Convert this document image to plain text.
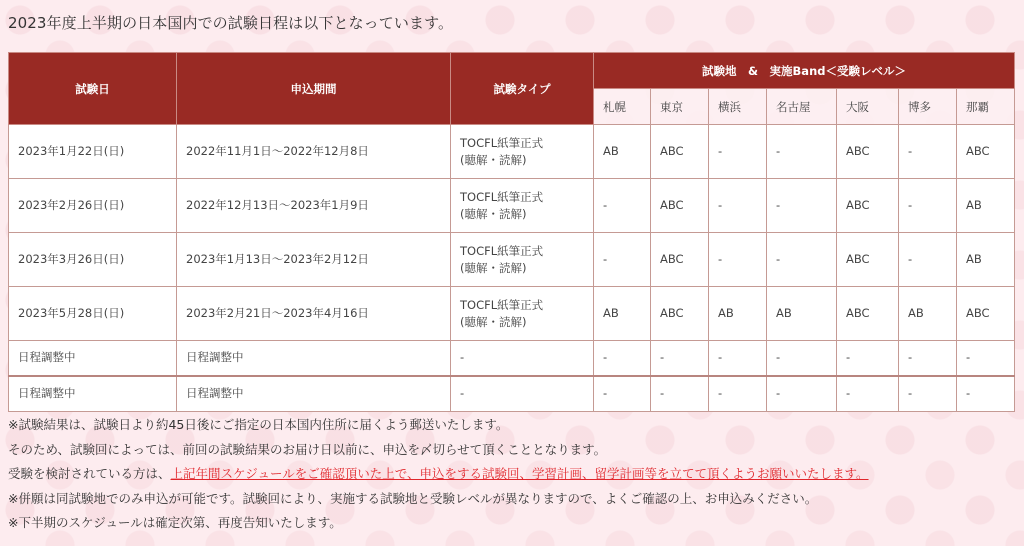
2023年度上半期の日本国内での試験日程は以下となっています。

試験日	申込期間	試験タイプ	試験地　&　実施Band＜受験レベル＞						
			札幌	東京	横浜	名古屋	大阪	博多	那覇
2023年1月22日(日)	2022年11月1日～2022年12月8日	TOCFL紙筆正式
(聴解・読解)	AB	ABC	-	-	ABC	-	ABC
2023年2月26日(日)	2022年12月13日～2023年1月9日	TOCFL紙筆正式
(聴解・読解)	-	ABC	-	-	ABC	-	AB
2023年3月26日(日)	2023年1月13日～2023年2月12日	TOCFL紙筆正式
(聴解・読解)	-	ABC	-	-	ABC	-	AB
2023年5月28日(日)	2023年2月21日～2023年4月16日	TOCFL紙筆正式
(聴解・読解)	AB	ABC	AB	AB	ABC	AB	ABC
日程調整中	日程調整中	-	-	-	-	-	-	-	-
日程調整中	日程調整中	-	-	-	-	-	-	-	-

※試験結果は、試験日より約45日後にご指定の日本国内住所に届くよう郵送いたします。

そのため、試験回によっては、前回の試験結果のお届け日以前に、申込を〆切らせて頂くこととなります。

受験を検討されている方は、上記年間スケジュールをご確認頂いた上で、申込をする試験回、学習計画、留学計画等を立てて頂くようお願いいたします。

※併願は同試験地でのみ申込が可能です。試験回により、実施する試験地と受験レベルが異なりますので、よくご確認の上、お申込みください。

※下半期のスケジュールは確定次第、再度告知いたします。
